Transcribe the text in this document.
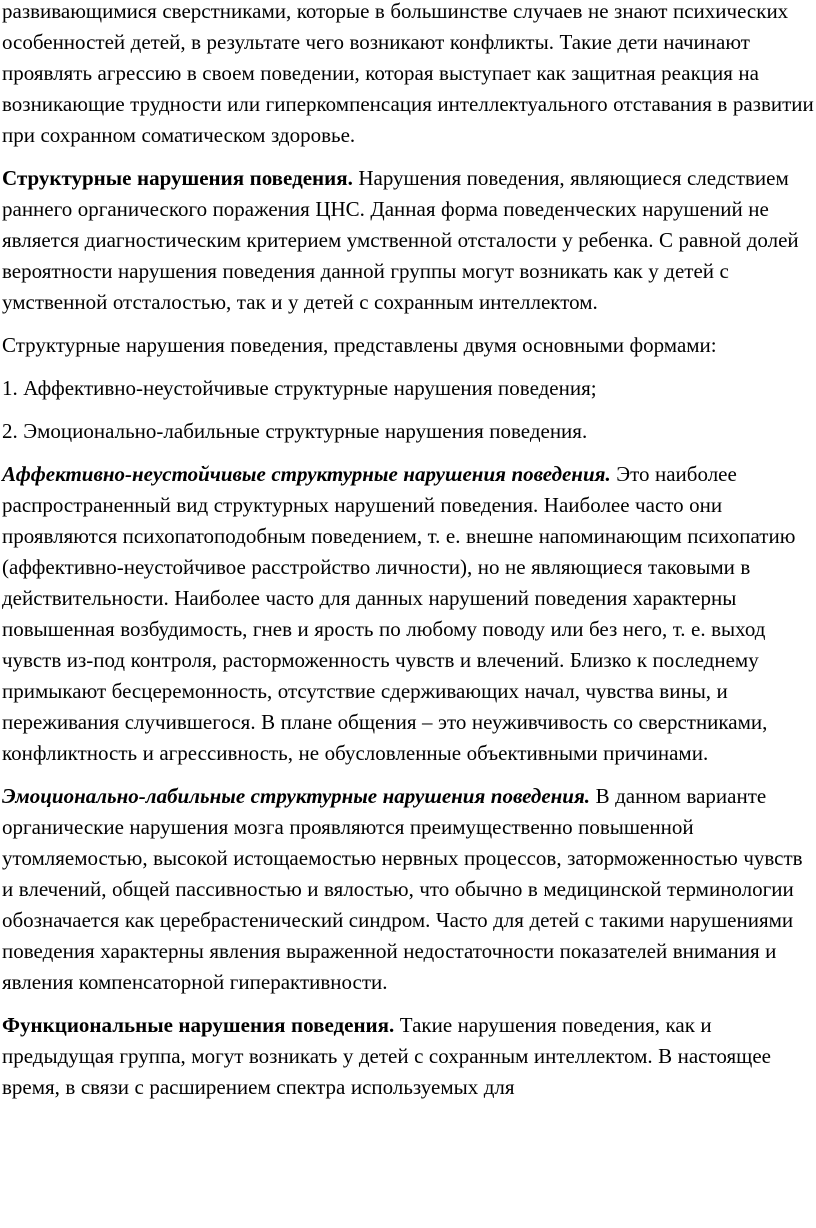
развивающимися сверстниками, которые в большинстве случаев не знают психических особенностей детей, в результате чего возникают конфликты. Такие дети начинают проявлять агрессию в своем поведении, которая выступает как защитная реакция на возникающие трудности или гиперкомпенсация интеллектуального отставания в развитии при сохранном соматическом здоровье.

Структурные нарушения поведения. Нарушения поведения, являющиеся следствием раннего органического поражения ЦНС. Данная форма поведенческих нарушений не является диагностическим критерием умственной отсталости у ребенка. С равной долей вероятности нарушения поведения данной группы могут возникать как у детей с умственной отсталостью, так и у детей с сохранным интеллектом.

Структурные нарушения поведения, представлены двумя основными формами:

1. Аффективно-неустойчивые структурные нарушения поведения;

2. Эмоционально-лабильные структурные нарушения поведения.

Аффективно-неустойчивые структурные нарушения поведения. Это наиболее распространенный вид структурных нарушений поведения. Наиболее часто они проявляются психопатоподобным поведением, т. е. внешне напоминающим психопатию (аффективно-неустойчивое расстройство личности), но не являющиеся таковыми в действительности. Наиболее часто для данных нарушений поведения характерны повышенная возбудимость, гнев и ярость по любому поводу или без него, т. е. выход чувств из-под контроля, расторможенность чувств и влечений. Близко к последнему примыкают бесцеремонность, отсутствие сдерживающих начал, чувства вины, и переживания случившегося. В плане общения – это неуживчивость со сверстниками, конфликтность и агрессивность, не обусловленные объективными причинами.

Эмоционально-лабильные структурные нарушения поведения. В данном варианте органические нарушения мозга проявляются преимущественно повышенной утомляемостью, высокой истощаемостью нервных процессов, заторможенностью чувств и влечений, общей пассивностью и вялостью, что обычно в медицинской терминологии обозначается как церебрастенический синдром. Часто для детей с такими нарушениями поведения характерны явления выраженной недостаточности показателей внимания и явления компенсаторной гиперактивности.

Функциональные нарушения поведения. Такие нарушения поведения, как и предыдущая группа, могут возникать у детей с сохранным интеллектом. В настоящее время, в связи с расширением спектра используемых для
